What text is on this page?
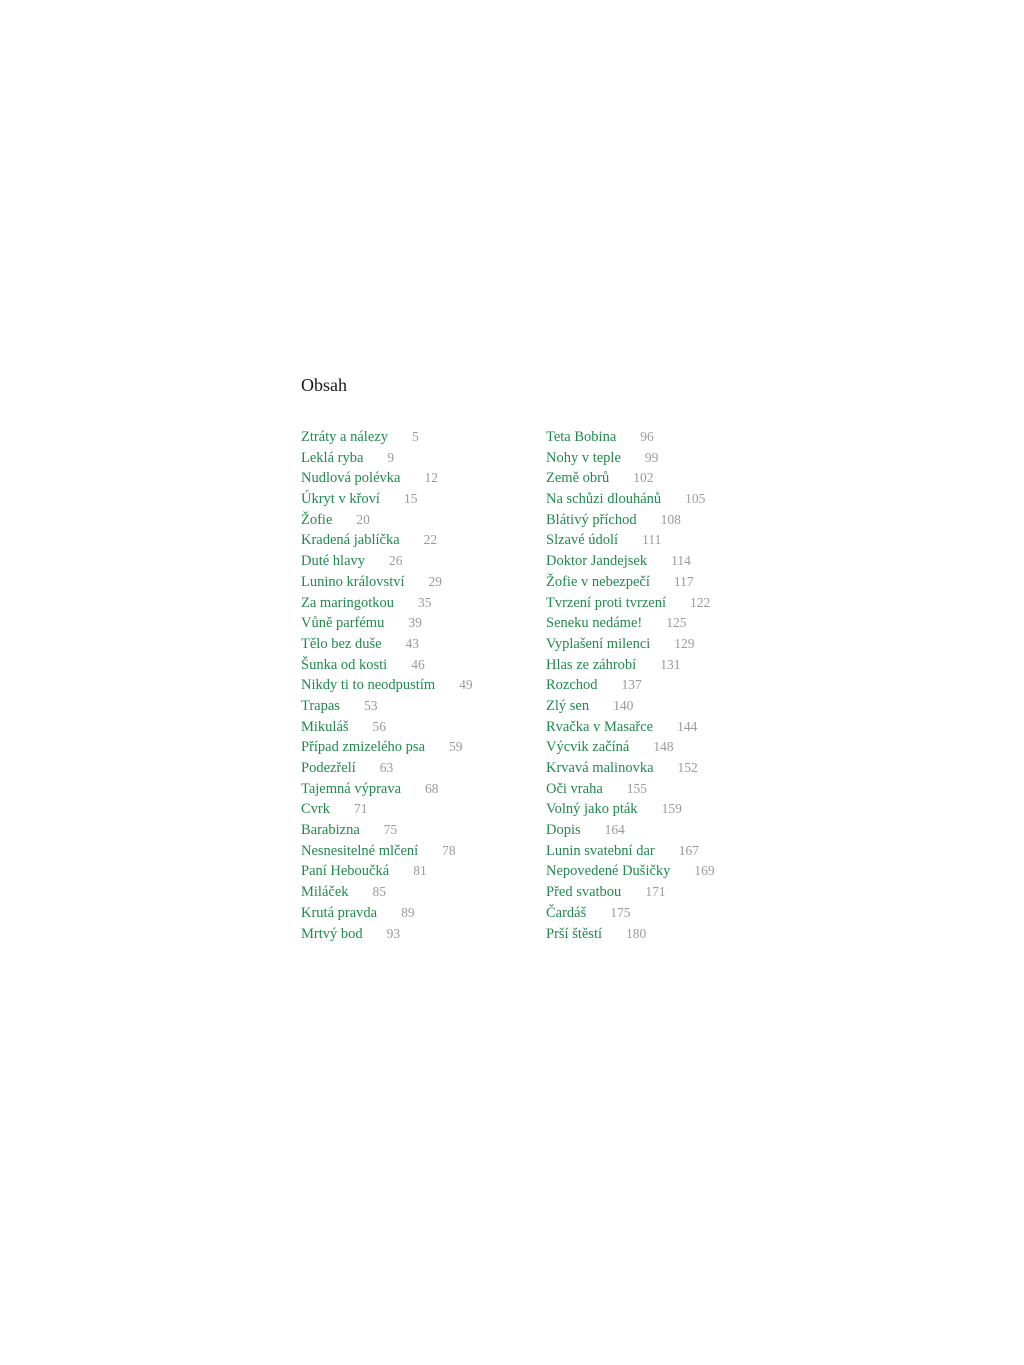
Obsah
Ztráty a nálezy 5
Leklá ryba 9
Nudlová polévka 12
Úkryt v křoví 15
Žofie 20
Kradená jablíčka 22
Duté hlavy 26
Lunino království 29
Za maringotkou 35
Vůně parfému 39
Tělo bez duše 43
Šunka od kosti 46
Nikdy ti to neodpustím 49
Trapas 53
Mikuláš 56
Případ zmizelého psa 59
Podezřelí 63
Tajemná výprava 68
Cvrk 71
Barabizna 75
Nesnesitelné mlčení 78
Paní Heboučká 81
Miláček 85
Krutá pravda 89
Mrtvý bod 93
Teta Bobina 96
Nohy v teple 99
Země obrů 102
Na schůzi dlouhánů 105
Blátivý příchod 108
Slzavé údolí 111
Doktor Jandejsek 114
Žofie v nebezpečí 117
Tvrzení proti tvrzení 122
Seneku nedáme! 125
Vyplašení milenci 129
Hlas ze záhrobí 131
Rozchod 137
Zlý sen 140
Rvačka v Masařce 144
Výcvik začíná 148
Krvavá malinovka 152
Oči vraha 155
Volný jako pták 159
Dopis 164
Lunin svatební dar 167
Nepovedené Dušičky 169
Před svatbou 171
Čardáš 175
Prší štěstí 180
